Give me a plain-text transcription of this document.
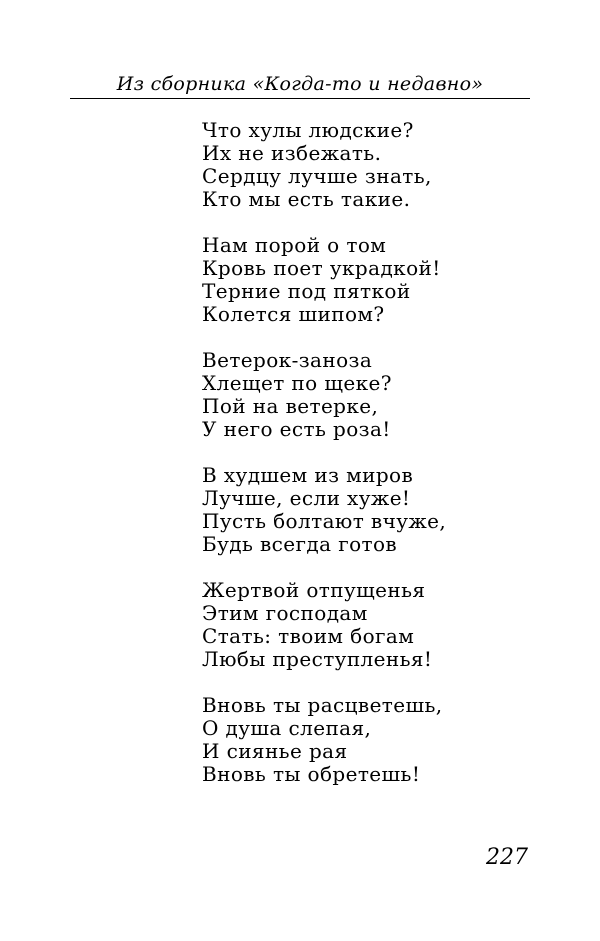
Из сборника «Когда-то и недавно»
Что хулы людские?
Их не избежать.
Сердцу лучше знать,
Кто мы есть такие.
Нам порой о том
Кровь поет украдкой!
Терние под пяткой
Колется шипом?
Ветерок-заноза
Хлещет по щеке?
Пой на ветерке,
У него есть роза!
В худшем из миров
Лучше, если хуже!
Пусть болтают вчуже,
Будь всегда готов
Жертвой отпущенья
Этим господам
Стать: твоим богам
Любы преступленья!
Вновь ты расцветешь,
О душа слепая,
И сиянье рая
Вновь ты обретешь!
227
